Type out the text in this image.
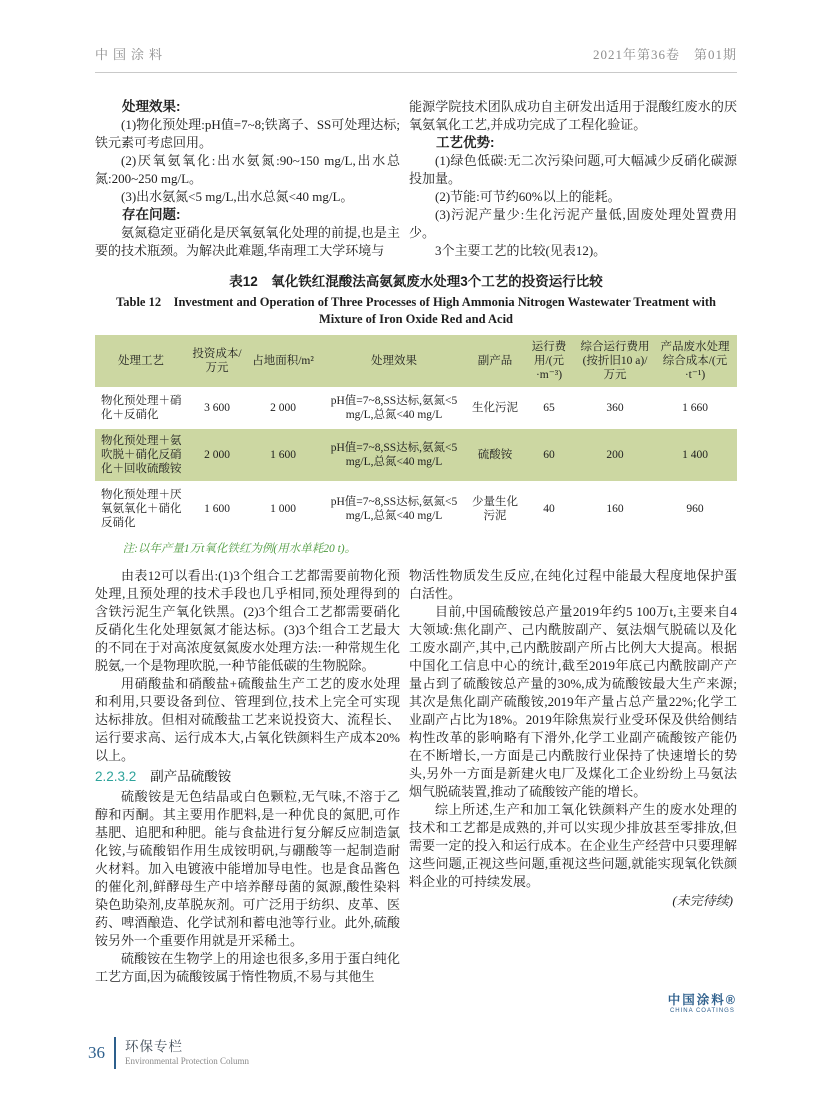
中国涂料	2021年第36卷　第01期

处理效果:

(1)物化预处理:pH值=7~8;铁离子、SS可处理达标;铁元素可考虑回用。

(2)厌氧氨氧化:出水氨氮:90~150 mg/L,出水总氮:200~250 mg/L。

(3)出水氨氮<5 mg/L,出水总氮<40 mg/L。

存在问题:

氨氮稳定亚硝化是厌氧氨氧化处理的前提,也是主要的技术瓶颈。为解决此难题,华南理工大学环境与

能源学院技术团队成功自主研发出适用于混酸红废水的厌氧氨氧化工艺,并成功完成了工程化验证。

工艺优势:

(1)绿色低碳:无二次污染问题,可大幅减少反硝化碳源投加量。

(2)节能:可节约60%以上的能耗。

(3)污泥产量少:生化污泥产量低,固废处理处置费用少。

3个主要工艺的比较(见表12)。

表12　氧化铁红混酸法高氨氮废水处理3个工艺的投资运行比较
Table 12　Investment and Operation of Three Processes of High Ammonia Nitrogen Wastewater Treatment with Mixture of Iron Oxide Red and Acid
处理工艺	投资成本/万元	占地面积/m²	处理效果	副产品	运行费用/(元·m⁻³)	综合运行费用(按折旧10 a)/万元	产品废水处理综合成本/(元·t⁻¹)
物化预处理＋硝化＋反硝化	3 600	2 000	pH值=7~8,SS达标,氨氮<5 mg/L,总氮<40 mg/L	生化污泥	65	360	1 660
物化预处理＋氨吹脱＋硝化反硝化＋回收硫酸铵	2 000	1 600	pH值=7~8,SS达标,氨氮<5 mg/L,总氮<40 mg/L	硫酸铵	60	200	1 400
物化预处理＋厌氧氨氧化＋硝化反硝化	1 600	1 000	pH值=7~8,SS达标,氨氮<5 mg/L,总氮<40 mg/L	少量生化污泥	40	160	960
注:以年产量1万t氧化铁红为例(用水单耗20 t)。

由表12可以看出:(1)3个组合工艺都需要前物化预处理,且预处理的技术手段也几乎相同,预处理得到的含铁污泥生产氧化铁黑。(2)3个组合工艺都需要硝化反硝化生化处理氨氮才能达标。(3)3个组合工艺最大的不同在于对高浓度氨氮废水处理方法:一种常规生化脱氨,一个是物理吹脱,一种节能低碳的生物脱除。

用硝酸盐和硝酸盐+硫酸盐生产工艺的废水处理和利用,只要设备到位、管理到位,技术上完全可实现达标排放。但相对硫酸盐工艺来说投资大、流程长、运行要求高、运行成本大,占氧化铁颜料生产成本20%以上。

2.2.3.2 副产品硫酸铵

硫酸铵是无色结晶或白色颗粒,无气味,不溶于乙醇和丙酮。其主要用作肥料,是一种优良的氮肥,可作基肥、追肥和种肥。能与食盐进行复分解反应制造氯化铵,与硫酸铝作用生成铵明矾,与硼酸等一起制造耐火材料。加入电镀液中能增加导电性。也是食品酱色的催化剂,鲜酵母生产中培养酵母菌的氮源,酸性染料染色助染剂,皮革脱灰剂。可广泛用于纺织、皮革、医药、啤酒酿造、化学试剂和蓄电池等行业。此外,硫酸铵另外一个重要作用就是开采稀土。

硫酸铵在生物学上的用途也很多,多用于蛋白纯化工艺方面,因为硫酸铵属于惰性物质,不易与其他生

物活性物质发生反应,在纯化过程中能最大程度地保护蛋白活性。

目前,中国硫酸铵总产量2019年约5 100万t,主要来自4大领域:焦化副产、己内酰胺副产、氨法烟气脱硫以及化工废水副产,其中,己内酰胺副产所占比例大大提高。根据中国化工信息中心的统计,截至2019年底己内酰胺副产产量占到了硫酸铵总产量的30%,成为硫酸铵最大生产来源;其次是焦化副产硫酸铵,2019年产量占总产量22%;化学工业副产占比为18%。2019年除焦炭行业受环保及供给侧结构性改革的影响略有下滑外,化学工业副产硫酸铵产能仍在不断增长,一方面是己内酰胺行业保持了快速增长的势头,另外一方面是新建火电厂及煤化工企业纷纷上马氨法烟气脱硫装置,推动了硫酸铵产能的增长。

综上所述,生产和加工氧化铁颜料产生的废水处理的技术和工艺都是成熟的,并可以实现少排放甚至零排放,但需要一定的投入和运行成本。在企业生产经营中只要理解这些问题,正视这些问题,重视这些问题,就能实现氧化铁颜料企业的可持续发展。

(未完待续)

中国涂料®
CHINA COATINGS
36	环保专栏
Environmental Protection Column
